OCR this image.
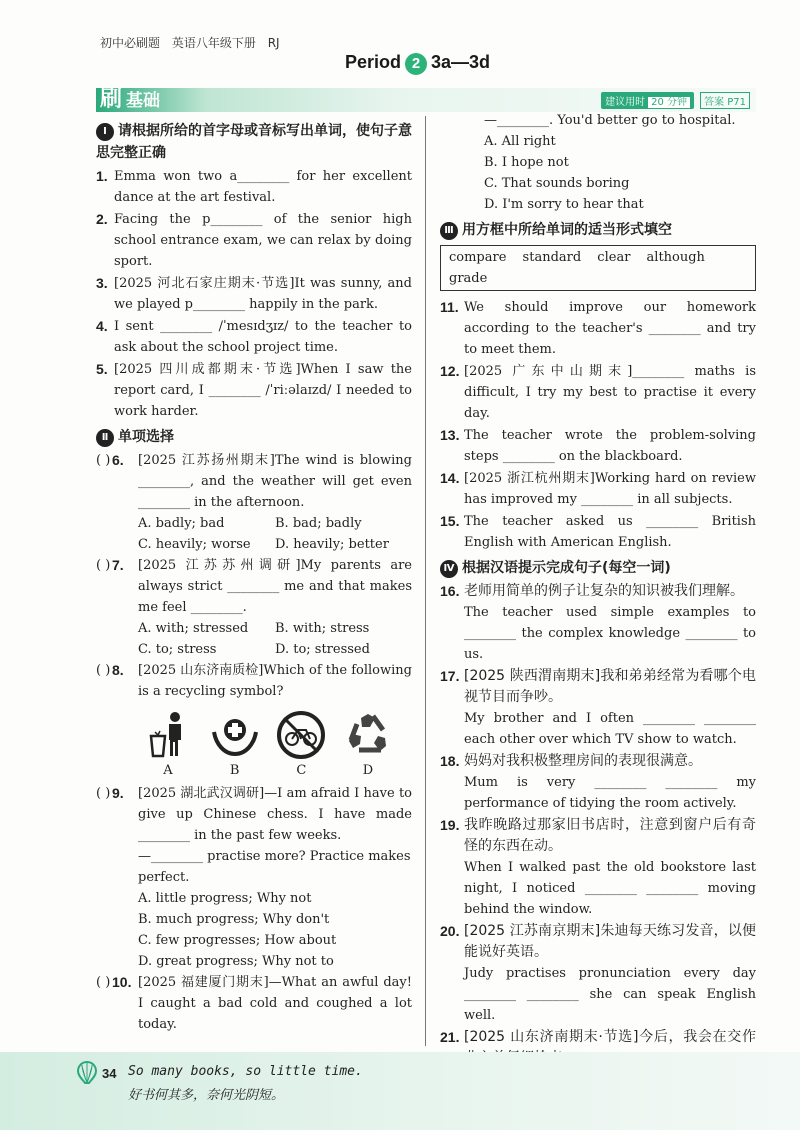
初中必刷题 英语八年级下册 RJ
Period 2 3a—3d
刷 基础	建议用时 20 分钟	答案 P71
Ⅰ 请根据所给的首字母或音标写出单词，使句子意思完整正确
1. Emma won two a________ for her excellent dance at the art festival.
2. Facing the p________ of the senior high school entrance exam, we can relax by doing sport.
3. [2025 河北石家庄期末·节选]It was sunny, and we played p________ happily in the park.
4. I sent ________ /ˈmesɪdʒɪz/ to the teacher to ask about the school project time.
5. [2025 四川成都期末·节选]When I saw the report card, I ________ /ˈriːəlaɪzd/ I needed to work harder.
Ⅱ 单项选择
( ) 6. [2025 江苏扬州期末]The wind is blowing ________, and the weather will get even ________ in the afternoon.
A. badly; bad	B. bad; badly
C. heavily; worse	D. heavily; better
( ) 7. [2025 江苏苏州调研]My parents are always strict ________ me and that makes me feel ________.
A. with; stressed	B. with; stress
C. to; stress	D. to; stressed
( ) 8. [2025 山东济南质检]Which of the following is a recycling symbol?
A	B	C	D
( ) 9. [2025 湖北武汉调研]—I am afraid I have to give up Chinese chess. I have made ________ in the past few weeks.
—________ practise more? Practice makes perfect.
A. little progress; Why not
B. much progress; Why don't
C. few progresses; How about
D. great progress; Why not to
( ) 10. [2025 福建厦门期末]—What an awful day! I caught a bad cold and coughed a lot today.
—________. You'd better go to hospital.
A. All right
B. I hope not
C. That sounds boring
D. I'm sorry to hear that
Ⅲ 用方框中所给单词的适当形式填空
compare standard clear although grade
11. We should improve our homework according to the teacher's ________ and try to meet them.
12. [2025 广东中山期末]________ maths is difficult, I try my best to practise it every day.
13. The teacher wrote the problem-solving steps ________ on the blackboard.
14. [2025 浙江杭州期末]Working hard on review has improved my ________ in all subjects.
15. The teacher asked us ________ British English with American English.
Ⅳ 根据汉语提示完成句子(每空一词)
16. 老师用简单的例子让复杂的知识被我们理解。
The teacher used simple examples to ________ the complex knowledge ________ to us.
17. [2025 陕西渭南期末]我和弟弟经常为看哪个电视节目而争吵。
My brother and I often ________ ________ each other over which TV show to watch.
18. 妈妈对我积极整理房间的表现很满意。
Mum is very ________ ________ my performance of tidying the room actively.
19. 我昨晚路过那家旧书店时，注意到窗户后有奇怪的东西在动。
When I walked past the old bookstore last night, I noticed ________ ________ moving behind the window.
20. [2025 江苏南京期末]朱迪每天练习发音，以便能说好英语。
Judy practises pronunciation every day ________ ________ she can speak English well.
21. [2025 山东济南期末·节选]今后，我会在交作
34 So many books, so little time.
好书何其多，奈何光阴短。
